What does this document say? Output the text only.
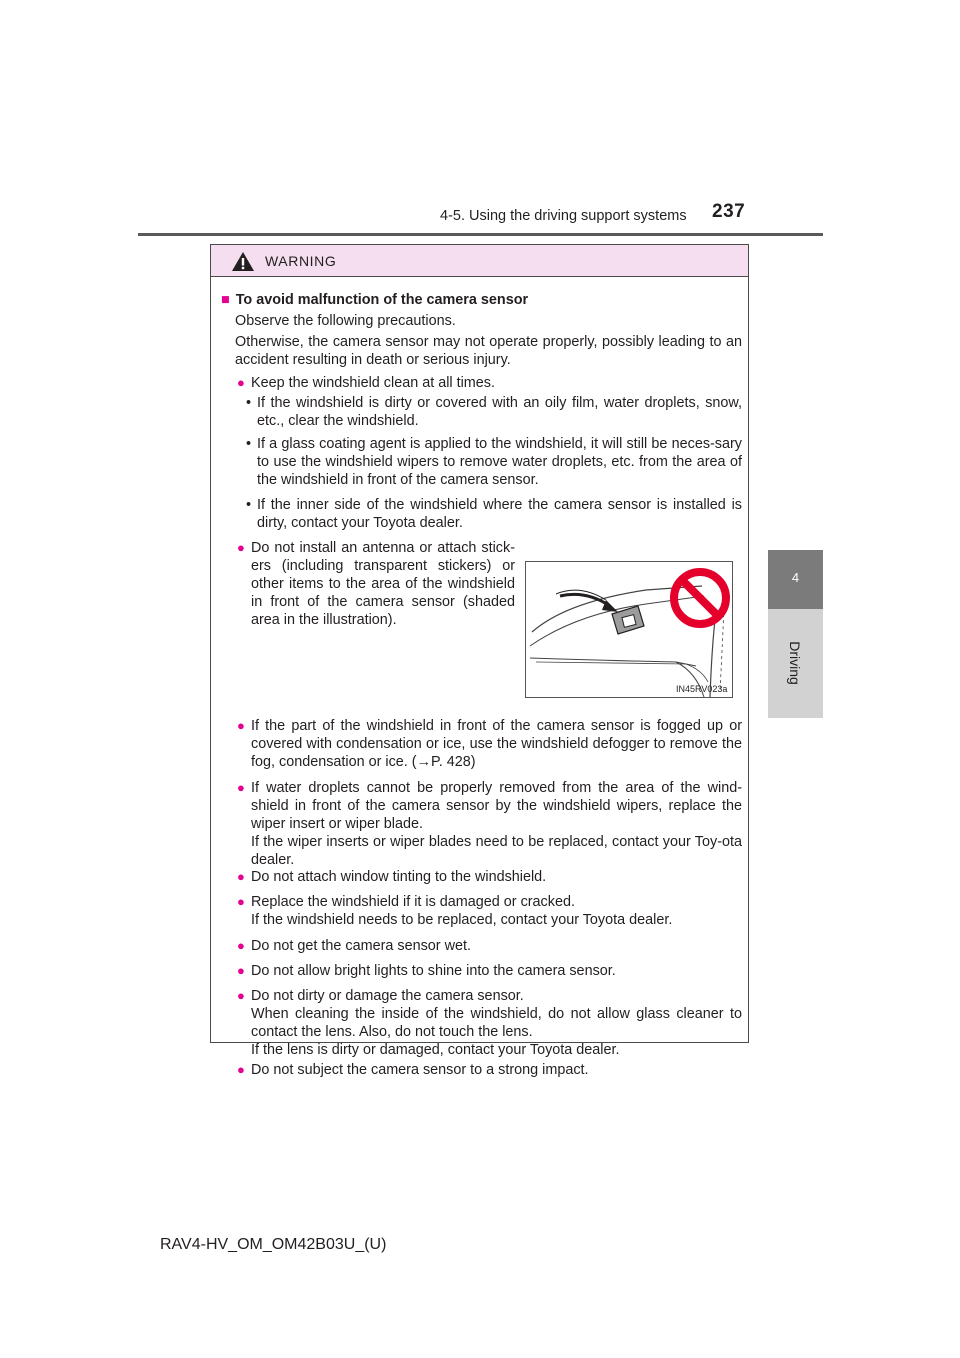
4-5. Using the driving support systems 237
4
Driving
WARNING
■ To avoid malfunction of the camera sensor

Observe the following precautions.

Otherwise, the camera sensor may not operate properly, possibly leading to an accident resulting in death or serious injury.

● Keep the windshield clean at all times.

• If the windshield is dirty or covered with an oily film, water droplets, snow, etc., clear the windshield.

• If a glass coating agent is applied to the windshield, it will still be neces-sary to use the windshield wipers to remove water droplets, etc. from the area of the windshield in front of the camera sensor.

• If the inner side of the windshield where the camera sensor is installed is dirty, contact your Toyota dealer.

● Do not install an antenna or attach stick-ers (including transparent stickers) or other items to the area of the windshield in front of the camera sensor (shaded area in the illustration).

IN45RV023a
● If the part of the windshield in front of the camera sensor is fogged up or covered with condensation or ice, use the windshield defogger to remove the fog, condensation or ice. (→P. 428)

● If water droplets cannot be properly removed from the area of the wind-shield in front of the camera sensor by the windshield wipers, replace the wiper insert or wiper blade.

If the wiper inserts or wiper blades need to be replaced, contact your Toy-ota dealer.

● Do not attach window tinting to the windshield.

● Replace the windshield if it is damaged or cracked.

If the windshield needs to be replaced, contact your Toyota dealer.

● Do not get the camera sensor wet.

● Do not allow bright lights to shine into the camera sensor.

● Do not dirty or damage the camera sensor.

When cleaning the inside of the windshield, do not allow glass cleaner to contact the lens. Also, do not touch the lens.

If the lens is dirty or damaged, contact your Toyota dealer.

● Do not subject the camera sensor to a strong impact.

RAV4-HV_OM_OM42B03U_(U)
